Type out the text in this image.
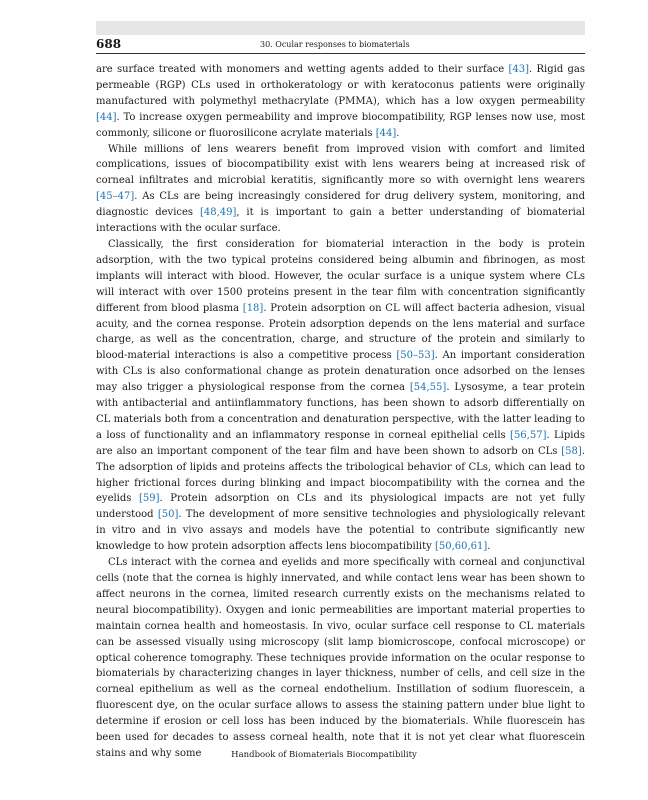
688	30. Ocular responses to biomaterials

are surface treated with monomers and wetting agents added to their surface [43]. Rigid gas permeable (RGP) CLs used in orthokeratology or with keratoconus patients were originally manufactured with polymethyl methacrylate (PMMA), which has a low oxygen permeability [44]. To increase oxygen permeability and improve biocompatibility, RGP lenses now use, most commonly, silicone or fluorosilicone acrylate materials [44].

While millions of lens wearers benefit from improved vision with comfort and limited complications, issues of biocompatibility exist with lens wearers being at increased risk of corneal infiltrates and microbial keratitis, significantly more so with overnight lens wearers [45–47]. As CLs are being increasingly considered for drug delivery system, monitoring, and diagnostic devices [48,49], it is important to gain a better understanding of biomaterial interactions with the ocular surface.

Classically, the first consideration for biomaterial interaction in the body is protein adsorption, with the two typical proteins considered being albumin and fibrinogen, as most implants will interact with blood. However, the ocular surface is a unique system where CLs will interact with over 1500 proteins present in the tear film with concentration significantly different from blood plasma [18]. Protein adsorption on CL will affect bacteria adhesion, visual acuity, and the cornea response. Protein adsorption depends on the lens material and surface charge, as well as the concentration, charge, and structure of the protein and similarly to blood-material interactions is also a competitive process [50–53]. An important consideration with CLs is also conformational change as protein denaturation once adsorbed on the lenses may also trigger a physiological response from the cornea [54,55]. Lysosyme, a tear protein with antibacterial and antiinflammatory functions, has been shown to adsorb differentially on CL materials both from a concentration and denaturation perspective, with the latter leading to a loss of functionality and an inflammatory response in corneal epithelial cells [56,57]. Lipids are also an important component of the tear film and have been shown to adsorb on CLs [58]. The adsorption of lipids and proteins affects the tribological behavior of CLs, which can lead to higher frictional forces during blinking and impact biocompatibility with the cornea and the eyelids [59]. Protein adsorption on CLs and its physiological impacts are not yet fully understood [50]. The development of more sensitive technologies and physiologically relevant in vitro and in vivo assays and models have the potential to contribute significantly new knowledge to how protein adsorption affects lens biocompatibility [50,60,61].

CLs interact with the cornea and eyelids and more specifically with corneal and conjunctival cells (note that the cornea is highly innervated, and while contact lens wear has been shown to affect neurons in the cornea, limited research currently exists on the mechanisms related to neural biocompatibility). Oxygen and ionic permeabilities are important material properties to maintain cornea health and homeostasis. In vivo, ocular surface cell response to CL materials can be assessed visually using microscopy (slit lamp biomicroscope, confocal microscope) or optical coherence tomography. These techniques provide information on the ocular response to biomaterials by characterizing changes in layer thickness, number of cells, and cell size in the corneal epithelium as well as the corneal endothelium. Instillation of sodium fluorescein, a fluorescent dye, on the ocular surface allows to assess the staining pattern under blue light to determine if erosion or cell loss has been induced by the biomaterials. While fluorescein has been used for decades to assess corneal health, note that it is not yet clear what fluorescein stains and why some	Handbook of Biomaterials Biocompatibility
